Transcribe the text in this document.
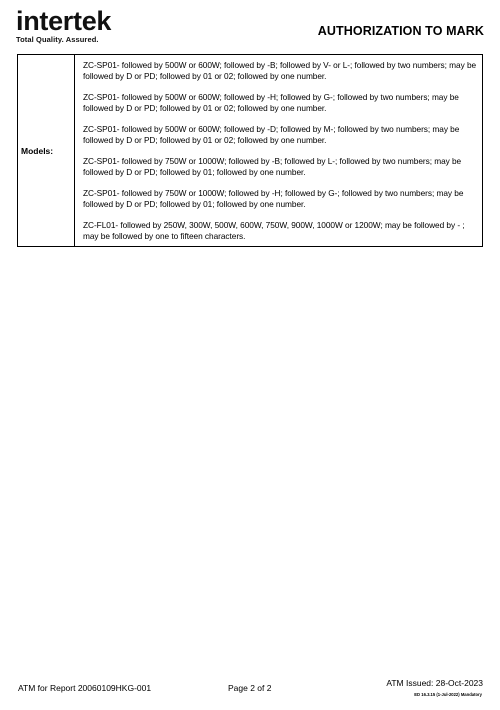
intertek
Total Quality. Assured.
AUTHORIZATION TO MARK
Models:	

ZC-SP01- followed by 500W or 600W; followed by -B; followed by V- or L-; followed by two numbers; may be followed by D or PD; followed by 01 or 02; followed by one number.

ZC-SP01- followed by 500W or 600W; followed by -H; followed by G-; followed by two numbers; may be followed by D or PD; followed by 01 or 02; followed by one number.

ZC-SP01- followed by 500W or 600W; followed by -D; followed by M-; followed by two numbers; may be followed by D or PD; followed by 01 or 02; followed by one number.

ZC-SP01- followed by 750W or 1000W; followed by -B; followed by L-; followed by two numbers; may be followed by D or PD; followed by 01; followed by one number.

ZC-SP01- followed by 750W or 1000W; followed by -H; followed by G-; followed by two numbers; may be followed by D or PD; followed by 01; followed by one number.

ZC-FL01- followed by 250W, 300W, 500W, 600W, 750W, 900W, 1000W or 1200W; may be followed by - ; may be followed by one to fifteen characters.

ATM for Report 20060109HKG-001	Page 2 of 2	ATM Issued: 28-Oct-2023
ED 16.3.15 (1-Jul-2022) Mandatory
